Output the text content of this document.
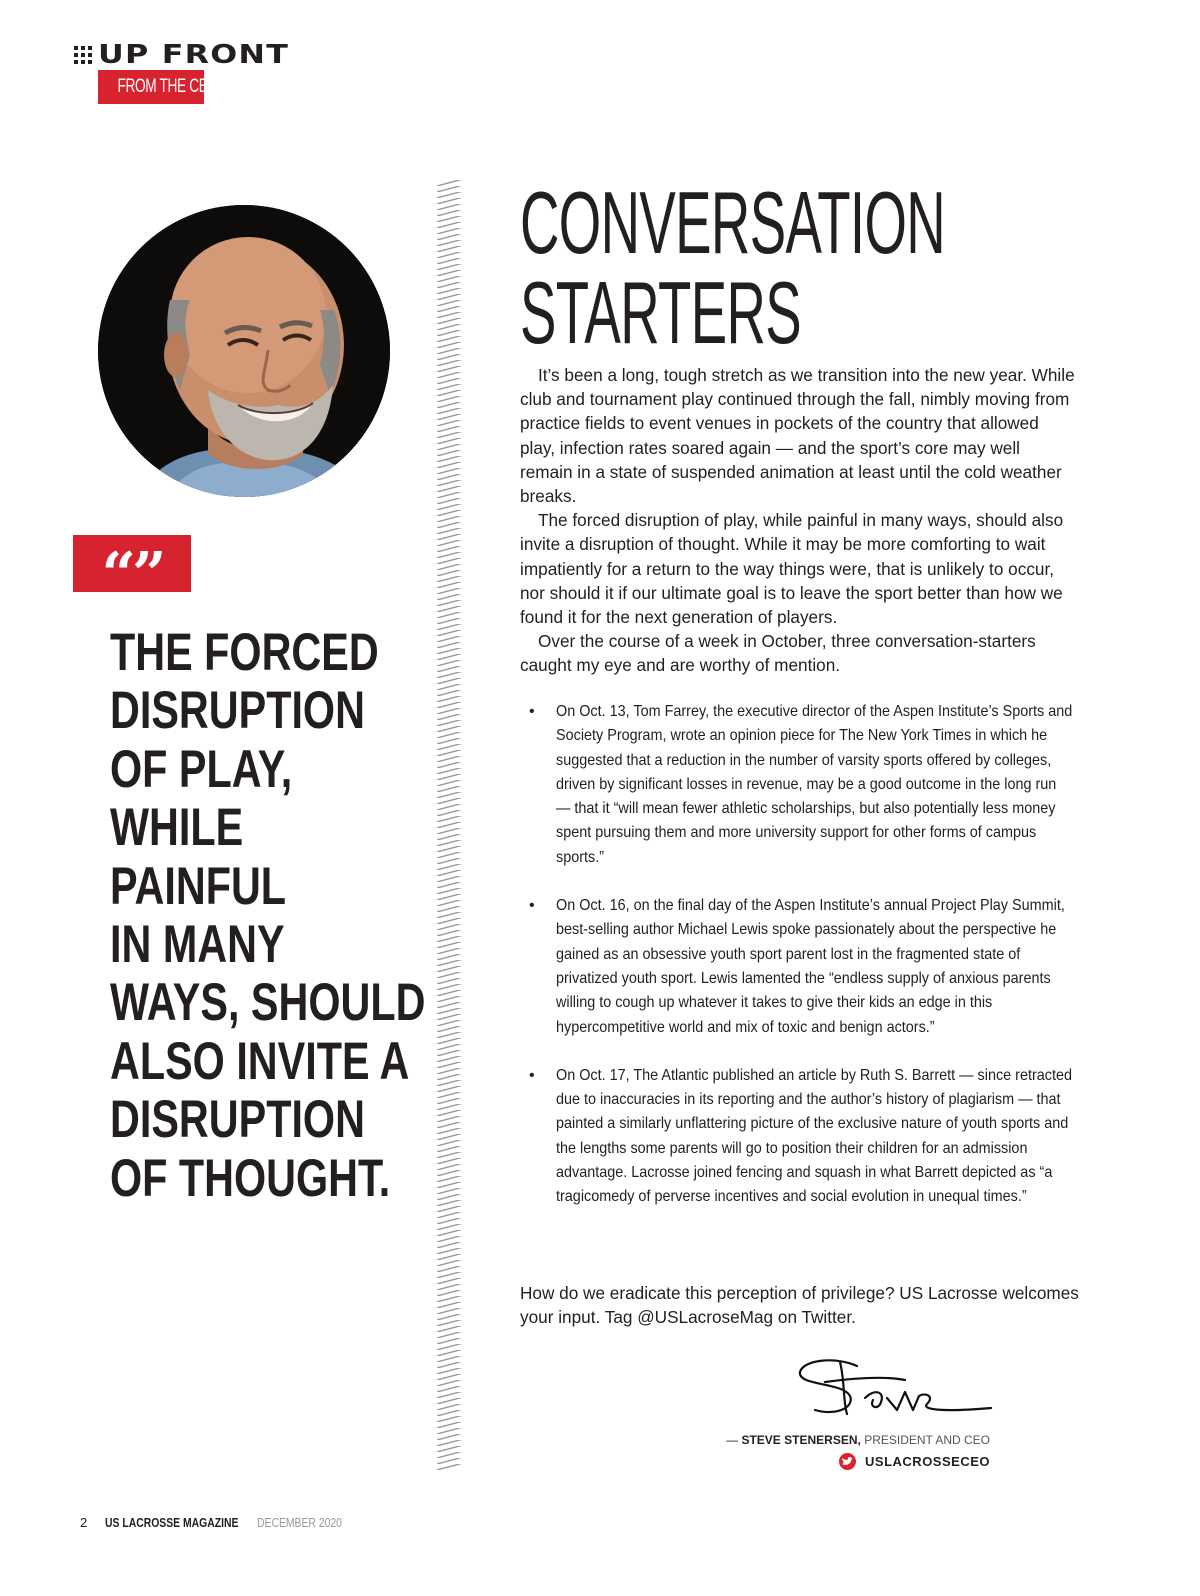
UP FRONT
FROM THE CEO
“”

THE FORCED
DISRUPTION
OF PLAY,
WHILE PAINFUL
IN MANY
WAYS, SHOULD
ALSO INVITE A
DISRUPTION
OF THOUGHT.

CONVERSATION
STARTERS

It’s been a long, tough stretch as we transition into the new year. While club and tournament play continued through the fall, nimbly moving from practice fields to event venues in pockets of the country that allowed play, infection rates soared again — and the sport’s core may well remain in a state of suspended animation at least until the cold weather breaks.

The forced disruption of play, while painful in many ways, should also invite a disruption of thought. While it may be more comforting to wait impatiently for a return to the way things were, that is unlikely to occur, nor should it if our ultimate goal is to leave the sport better than how we found it for the next generation of players.

Over the course of a week in October, three conversation-starters caught my eye and are worthy of mention.

• On Oct. 13, Tom Farrey, the executive director of the Aspen Institute’s Sports and Society Program, wrote an opinion piece for The New York Times in which he suggested that a reduction in the number of varsity sports offered by colleges, driven by significant losses in revenue, may be a good outcome in the long run — that it “will mean fewer athletic scholarships, but also potentially less money spent pursuing them and more university support for other forms of campus sports.”
• On Oct. 16, on the final day of the Aspen Institute’s annual Project Play Summit, best-selling author Michael Lewis spoke passionately about the perspective he gained as an obsessive youth sport parent lost in the fragmented state of privatized youth sport. Lewis lamented the “endless supply of anxious parents willing to cough up whatever it takes to give their kids an edge in this hypercompetitive world and mix of toxic and benign actors.”
• On Oct. 17, The Atlantic published an article by Ruth S. Barrett — since retracted due to inaccuracies in its reporting and the author’s history of plagiarism — that painted a similarly unflattering picture of the exclusive nature of youth sports and the lengths some parents will go to position their children for an admission advantage. Lacrosse joined fencing and squash in what Barrett depicted as “a tragicomedy of perverse incentives and social evolution in unequal times.”

How do we eradicate this perception of privilege? US Lacrosse welcomes your input. Tag @USLacroseMag on Twitter.

— STEVE STENERSEN, PRESIDENT AND CEO
USLACROSSECEO
2 US LACROSSE MAGAZINE DECEMBER 2020
